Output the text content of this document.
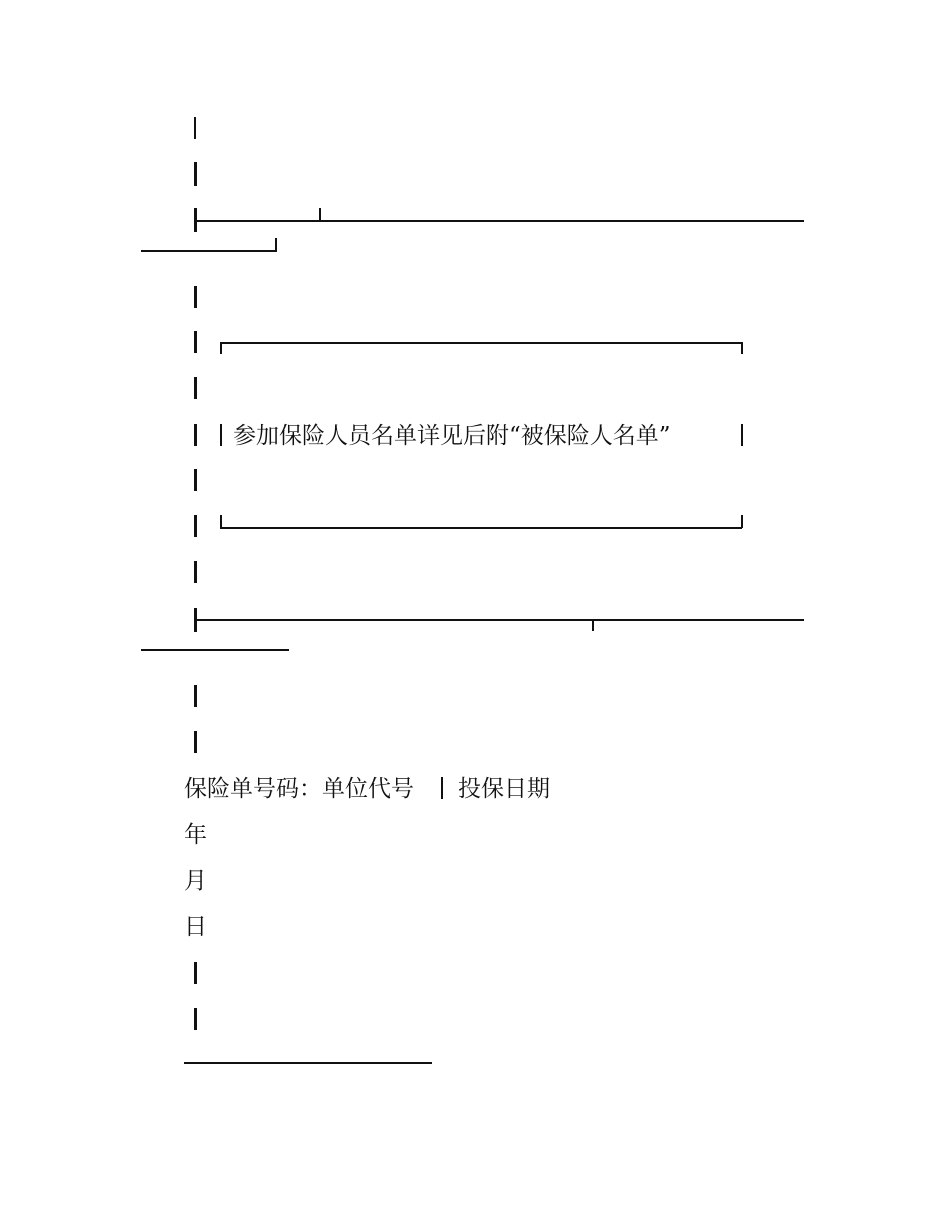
参加保险人员名单详见后附“被保险人名单”
保险单号码：单位代号 投保日期
年
月
日
